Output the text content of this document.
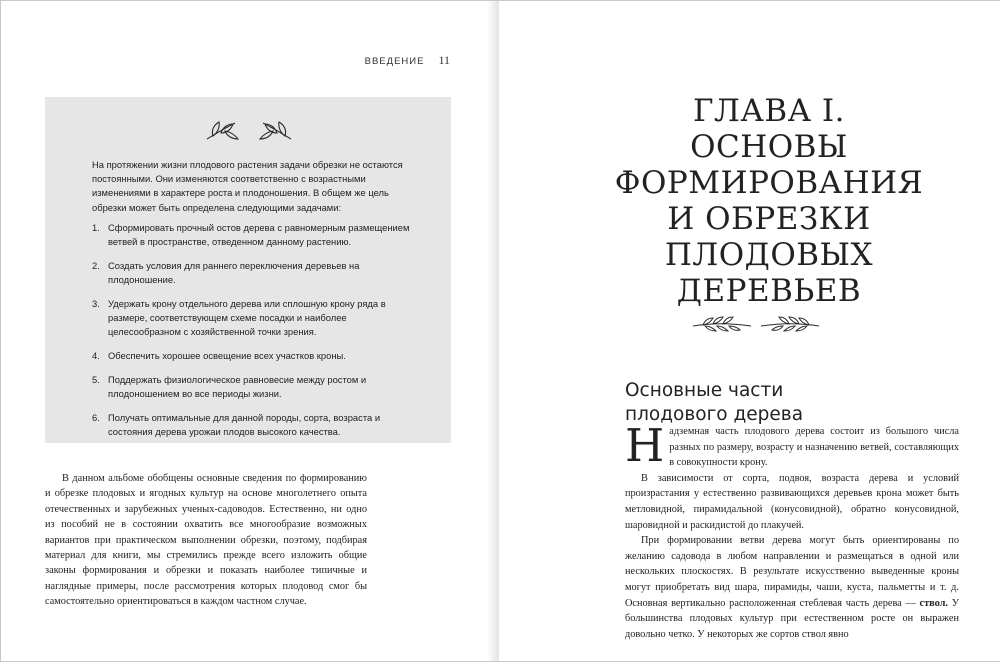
ВВЕДЕНИЕ 11

На протяжении жизни плодового растения задачи обрезки не остаются постоянными. Они изменяются соответственно с возрастными изменениями в характере роста и плодоношения. В общем же цель обрезки может быть определена следующими задачами:

1. Сформировать прочный остов дерева с равномерным размещением ветвей в пространстве, отведенном данному растению.
2. Создать условия для раннего переключения деревьев на плодоношение.
3. Удержать крону отдельного дерева или сплошную крону ряда в размере, соответствующем схеме посадки и наиболее целесообразном с хозяйственной точки зрения.
4. Обеспечить хорошее освещение всех участков кроны.
5. Поддержать физиологическое равновесие между ростом и плодоношением во все периоды жизни.
6. Получать оптимальные для данной породы, сорта, возраста и состояния дерева урожаи плодов высокого качества.

В данном альбоме обобщены основные сведения по формированию и обрезке плодовых и ягодных культур на основе многолетнего опыта отечественных и зарубежных ученых-садоводов. Естественно, ни одно из пособий не в состоянии охватить все многообразие возможных вариантов при практическом выполнении обрезки, поэтому, подбирая материал для книги, мы стремились прежде всего изложить общие законы формирования и обрезки и показать наиболее типичные и наглядные примеры, после рассмотрения которых плодовод смог бы самостоятельно ориентироваться в каждом частном случае.

ГЛАВА I.
ОСНОВЫ
ФОРМИРОВАНИЯ
И ОБРЕЗКИ ПЛОДОВЫХ
ДЕРЕВЬЕВ
Основные части
плодового дерева

Надземная часть плодового дерева состоит из большого числа разных по размеру, возрасту и назначению ветвей, составляющих в совокупности крону.

В зависимости от сорта, подвоя, возраста дерева и условий произрастания у естественно развивающихся деревьев крона может быть метловидной, пирамидальной (конусовидной), обратно конусовидной, шаровидной и раскидистой до плакучей.

При формировании ветви дерева могут быть ориентированы по желанию садовода в любом направлении и размещаться в одной или нескольких плоскостях. В результате искусственно выведенные кроны могут приобретать вид шара, пирамиды, чаши, куста, пальметты и т. д. Основная вертикально расположенная стеблевая часть дерева — ствол. У большинства плодовых культур при естественном росте он выражен довольно четко. У некоторых же сортов ствол явно
